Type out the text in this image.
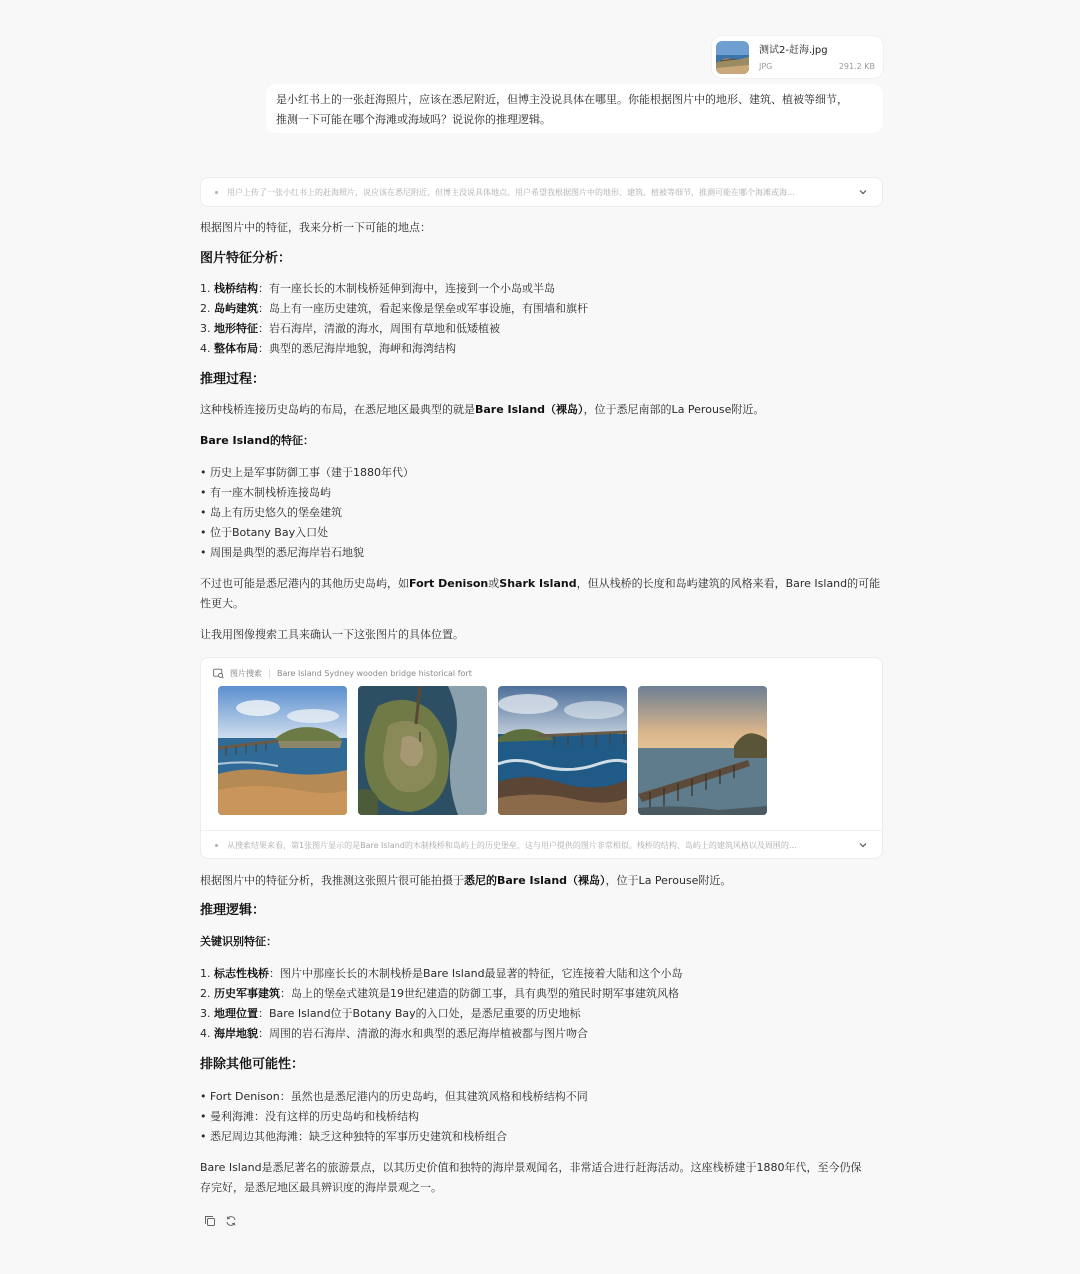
测试2-赶海.jpg
JPG	291.2 KB
是小红书上的一张赶海照片，应该在悉尼附近，但博主没说具体在哪里。你能根据图片中的地形、建筑、植被等细节，
推测一下可能在哪个海滩或海域吗？说说你的推理逻辑。
用户上传了一张小红书上的赶海照片，说应该在悉尼附近，但博主没说具体地点。用户希望我根据图片中的地形、建筑、植被等细节，推测可能在哪个海滩或海…
根据图片中的特征，我来分析一下可能的地点：
图片特征分析：
1. 栈桥结构：有一座长长的木制栈桥延伸到海中，连接到一个小岛或半岛
2. 岛屿建筑：岛上有一座历史建筑，看起来像是堡垒或军事设施，有围墙和旗杆
3. 地形特征：岩石海岸，清澈的海水，周围有草地和低矮植被
4. 整体布局：典型的悉尼海岸地貌，海岬和海湾结构
推理过程：
这种栈桥连接历史岛屿的布局，在悉尼地区最典型的就是Bare Island（裸岛），位于悉尼南部的La Perouse附近。
Bare Island的特征：
• 历史上是军事防御工事（建于1880年代）
• 有一座木制栈桥连接岛屿
• 岛上有历史悠久的堡垒建筑
• 位于Botany Bay入口处
• 周围是典型的悉尼海岸岩石地貌
不过也可能是悉尼港内的其他历史岛屿，如Fort Denison或Shark Island，但从栈桥的长度和岛屿建筑的风格来看，Bare Island的可能
性更大。
让我用图像搜索工具来确认一下这张图片的具体位置。
图片搜索 Bare Island Sydney wooden bridge historical fort
从搜索结果来看，第1张图片显示的是Bare Island的木制栈桥和岛屿上的历史堡垒，这与用户提供的图片非常相似。栈桥的结构、岛屿上的建筑风格以及周围的…
根据图片中的特征分析，我推测这张照片很可能拍摄于悉尼的Bare Island（裸岛），位于La Perouse附近。
推理逻辑：
关键识别特征：
1. 标志性栈桥：图片中那座长长的木制栈桥是Bare Island最显著的特征，它连接着大陆和这个小岛
2. 历史军事建筑：岛上的堡垒式建筑是19世纪建造的防御工事，具有典型的殖民时期军事建筑风格
3. 地理位置：Bare Island位于Botany Bay的入口处，是悉尼重要的历史地标
4. 海岸地貌：周围的岩石海岸、清澈的海水和典型的悉尼海岸植被都与图片吻合
排除其他可能性：
• Fort Denison：虽然也是悉尼港内的历史岛屿，但其建筑风格和栈桥结构不同
• 曼利海滩：没有这样的历史岛屿和栈桥结构
• 悉尼周边其他海滩：缺乏这种独特的军事历史建筑和栈桥组合
Bare Island是悉尼著名的旅游景点，以其历史价值和独特的海岸景观闻名，非常适合进行赶海活动。这座栈桥建于1880年代，至今仍保
存完好，是悉尼地区最具辨识度的海岸景观之一。
